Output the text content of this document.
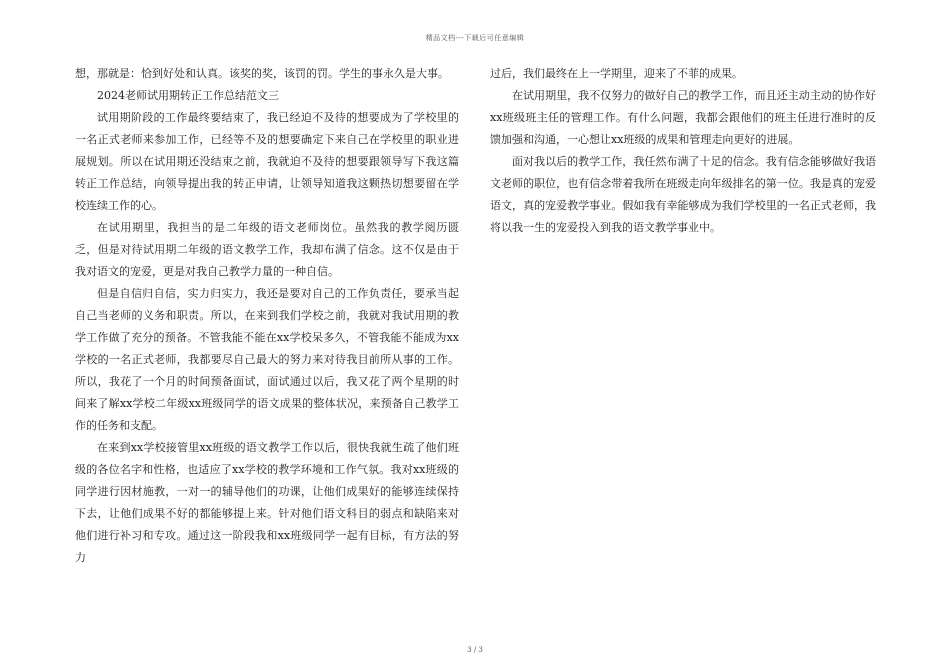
精品文档---下载后可任意编辑

想，那就是：恰到好处和认真。该奖的奖，该罚的罚。学生的事永久是大事。

2024老师试用期转正工作总结范文三

试用期阶段的工作最终要结束了，我已经迫不及待的想要成为了学校里的一名正式老师来参加工作，已经等不及的想要确定下来自己在学校里的职业进展规划。所以在试用期还没结束之前，我就迫不及待的想要跟领导写下我这篇转正工作总结，向领导提出我的转正申请，让领导知道我这颗热切想要留在学校连续工作的心。

在试用期里，我担当的是二年级的语文老师岗位。虽然我的教学阅历匮乏，但是对待试用期二年级的语文教学工作，我却布满了信念。这不仅是由于我对语文的宠爱，更是对我自己教学力量的一种自信。

但是自信归自信，实力归实力，我还是要对自己的工作负责任，要承当起自己当老师的义务和职责。所以，在来到我们学校之前，我就对我试用期的教学工作做了充分的预备。不管我能不能在xx学校呆多久，不管我能不能成为xx学校的一名正式老师，我都要尽自己最大的努力来对待我目前所从事的工作。所以，我花了一个月的时间预备面试，面试通过以后，我又花了两个星期的时间来了解xx学校二年级xx班级同学的语文成果的整体状况，来预备自己教学工作的任务和支配。

在来到xx学校接管里xx班级的语文教学工作以后，很快我就生疏了他们班级的各位名字和性格，也适应了xx学校的教学环境和工作气氛。我对xx班级的同学进行因材施教，一对一的辅导他们的功课，让他们成果好的能够连续保持下去，让他们成果不好的都能够提上来。针对他们语文科目的弱点和缺陷来对他们进行补习和专攻。通过这一阶段我和xx班级同学一起有目标，有方法的努力

过后，我们最终在上一学期里，迎来了不菲的成果。

在试用期里，我不仅努力的做好自己的教学工作，而且还主动主动的协作好xx班级班主任的管理工作。有什么问题，我都会跟他们的班主任进行准时的反馈加强和沟通，一心想让xx班级的成果和管理走向更好的进展。

面对我以后的教学工作，我任然布满了十足的信念。我有信念能够做好我语文老师的职位，也有信念带着我所在班级走向年级排名的第一位。我是真的宠爱语文，真的宠爱教学事业。假如我有幸能够成为我们学校里的一名正式老师，我将以我一生的宠爱投入到我的语文教学事业中。

3 / 3
